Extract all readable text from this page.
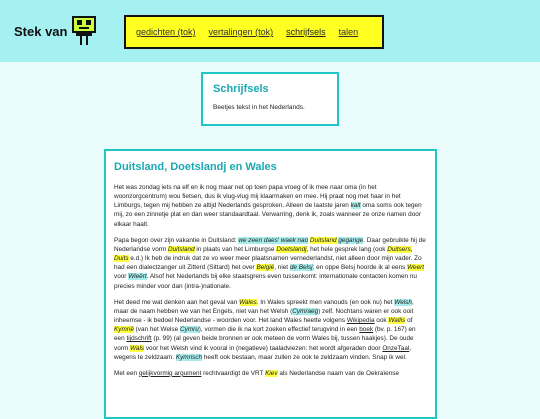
Stek van	gedichten (tok) vertalingen (tok) schrijfsels talen
Schrijfsels

Beetjes tekst in het Nederlands.

Duitsland, Doetslandj en Wales

Het was zondag iets na elf en ik nog maar net op toen papa vroeg of ik mee naar oma (in het woonzorgcentrum) wou fietsen, dus ik vlug-vlug mij klaarmaken en mee. Hij praat nog met haar in het Limburgs, tegen mij hebben ze altijd Nederlands gesproken. Alleen de laatste jaren kalt oma soms ook tegen mij, zo een zinnetje plat en dan weer standaardtaal. Verwarring, denk ik, zoals wanneer ze onze namen door elkaar haalt.

Papa begon over zijn vakantie in Duitsland: we zeen daes' waek nao Duitsland gegange. Daar gebruikte hij de Nederlandse vorm Duitsland in plaats van het Limburgse Doetslandj, het hele gesprek lang (ook Duitsers, Duits e.d.) Ik heb de indruk dat ze vo weer meer plaatsnamen vernederlandst, niet alleen door mijn vader. Zo had een dialectzanger uit Zitterd (Sittard) het over België, niet de Belsj; en oppe Belsj hoorde ik al eens Weert voor Wieërt. Alsof het Nederlands bij elke staatsgrens even tussenkomt: internationale contacten komen nu precies minder voor dan (intra-)nationale.

Het deed me wat denken aan het geval van Wales. In Wales spreekt men vanouds (en ook nu) het Welsh, maar de naam hebben we van het Engels, niet van het Welsh (Cymraeg) zelf. Nochtans waren er ook ooit inheemse - ik bedoel Nederlandse - woorden voor. Het land Wales heette volgens Wikipedia ook Wallis of Kymrië (van het Welse Cymru), vormen die ik na kort zoeken effectief terugvind in een boek (bv. p. 167) en een tijdschrift (p. 99) (al geven beide bronnen er ook meteen de vorm Wales bij, tussen haakjes). De oude vorm Wals voor het Welsh vind ik vooral in (negatieve) taaladviezen: het wordt afgeraden door OnzeTaal, wegens te zeldzaam. Kymrisch heeft ook bestaan, maar zullen ze ook te zeldzaam vinden. Snap ik wel.

Met een gelijkvormig argument rechtvaardigt de VRT Kiev als Nederlandse naam van de Oekraïense
